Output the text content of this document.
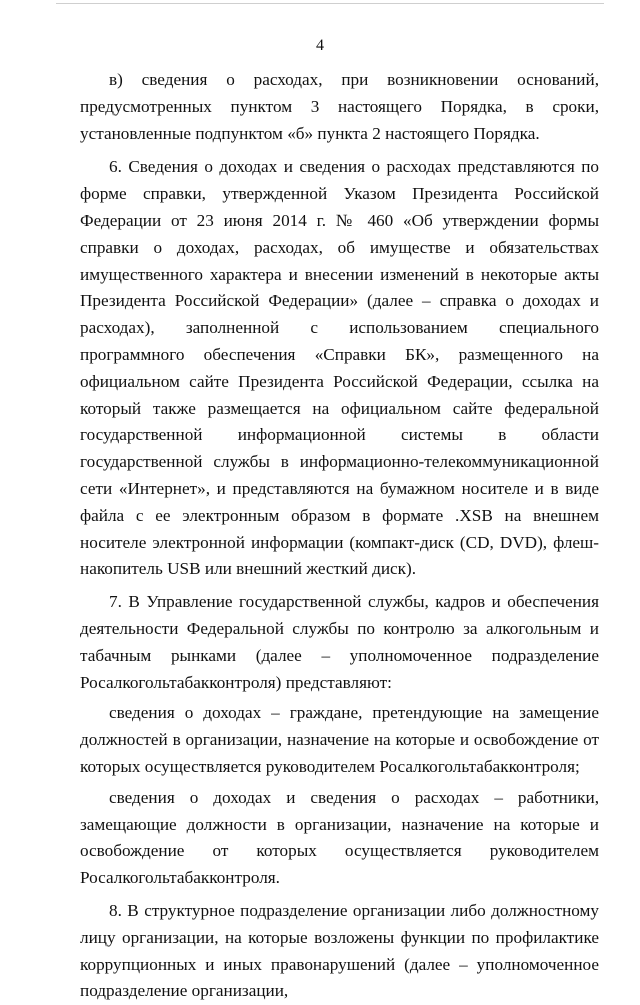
4

в) сведения о расходах, при возникновении оснований, предусмотренных пунктом 3 настоящего Порядка, в сроки, установленные подпунктом «б» пункта 2 настоящего Порядка.

6. Сведения о доходах и сведения о расходах представляются по форме справки, утвержденной Указом Президента Российской Федерации от 23 июня 2014 г. № 460 «Об утверждении формы справки о доходах, расходах, об имуществе и обязательствах имущественного характера и внесении изменений в некоторые акты Президента Российской Федерации» (далее – справка о доходах и расходах), заполненной с использованием специального программного обеспечения «Справки БК», размещенного на официальном сайте Президента Российской Федерации, ссылка на который также размещается на официальном сайте федеральной государственной информационной системы в области государственной службы в информационно-телекоммуникационной сети «Интернет», и представляются на бумажном носителе и в виде файла с ее электронным образом в формате .XSB на внешнем носителе электронной информации (компакт-диск (CD, DVD), флеш-накопитель USB или внешний жесткий диск).

7. В Управление государственной службы, кадров и обеспечения деятельности Федеральной службы по контролю за алкогольным и табачным рынками (далее – уполномоченное подразделение Росалкогольтабакконтроля) представляют:

сведения о доходах – граждане, претендующие на замещение должностей в организации, назначение на которые и освобождение от которых осуществляется руководителем Росалкогольтабакконтроля;

сведения о доходах и сведения о расходах – работники, замещающие должности в организации, назначение на которые и освобождение от которых осуществляется руководителем Росалкогольтабакконтроля.

8. В структурное подразделение организации либо должностному лицу организации, на которые возложены функции по профилактике коррупционных и иных правонарушений (далее – уполномоченное подразделение организации,
